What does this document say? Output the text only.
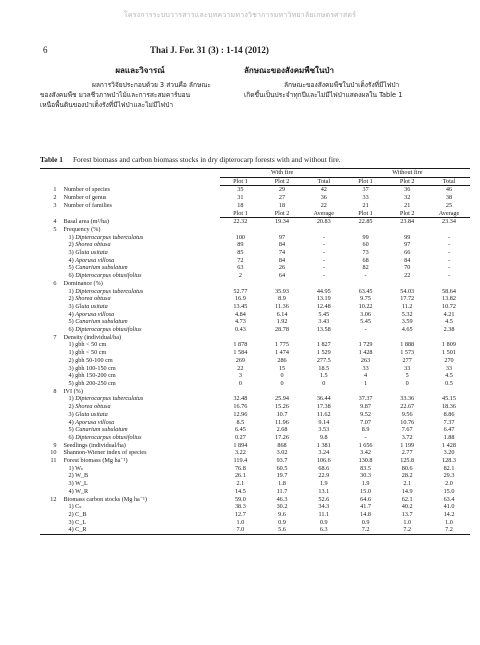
โครงการระบบวารสารและบทความทางวิชาการมหาวิทยาลัยเกษตรศาสตร์
6	Thai J. For. 31 (3) : 1-14 (2012)
ผลและวิจารณ์
ผลการวิจัยประกอบด้วย 3 ส่วนคือ ลักษณะ
ของสังคมพืช มวลชีวภาพป่าไม้และการสะสมคาร์บอน
เหนือพื้นดินของป่าเต็งรังที่มีไฟป่าและไม่มีไฟป่า
ลักษณะของสังคมพืชในป่า
ลักษณะของสังคมพืชในป่าเต็งรังที่มีไฟป่า
เกิดขึ้นเป็นประจำทุกปีและไม่มีไฟป่าแสดงผลใน Table 1
Table 1 Forest biomass and carbon biomass stocks in dry dipterocarp forests with and without fire.
		With fire			Without fire		
		Plot 1	Plot 2	Total	Plot 1	Plot 2	Total
1	Number of species	35	29	42	37	36	46
2	Number of genus	31	27	36	33	32	38
3	Number of families	18	18	22	21	21	25
		Plot 1	Plot 2	Average	Plot 1	Plot 2	Average
4	Basal area (m²/ha)	22.32	19.34	20.83	22.85	23.84	23.34
5	Frequency (%)						
	1) Dipterocarpus tuberculatus	100	97	-	99	99	-
	2) Shorea obtusa	89	84	-	60	97	-
	3) Gluta usitata	85	74	-	73	66	-
	4) Aporusa villosa	72	84	-	68	84	-
	5) Canarium subulatum	63	26	-	82	70	-
	6) Dipterocarpus obtusifolius	2	64	-	-	22	-
6	Dominance (%)						
	1) Dipterocarpus tuberculatus	52.77	35.93	44.95	63.45	54.03	58.64
	2) Shorea obtusa	16.9	8.9	13.19	9.75	17.72	13.82
	3) Gluta usitata	13.45	11.36	12.48	10.22	11.2	10.72
	4) Aporusa villosa	4.84	6.14	5.45	3.06	5.32	4.21
	5) Canarium subulatum	4.73	1.92	3.43	5.45	3.59	4.5
	6) Dipterocarpus obtusifolius	0.43	28.78	13.58	-	4.65	2.38
7	Density (individual/ha)						
	1) gbh < 50 cm	1 878	1 775	1 827	1 729	1 888	1 809
	1) gbh < 50 cm	1 584	1 474	1 529	1 428	1 573	1 501
	2) gbh 50-100 cm	269	286	277.5	263	277	270
	3) gbh 100-150 cm	22	15	18.5	33	33	33
	4) gbh 150-200 cm	3	0	1.5	4	5	4.5
	5) gbh 200-250 cm	0	0	0	1	0	0.5
8	IVI (%)						
	1) Dipterocarpus tuberculatus	32.48	25.94	36.44	37.37	33.36	45.15
	2) Shorea obtusa	16.76	15.26	17.38	9.87	22.67	18.36
	3) Gluta usitata	12.96	10.7	11.62	9.52	9.56	8.86
	4) Aporusa villosa	8.5	11.96	9.14	7.07	10.76	7.37
	5) Canarium subulatum	6.45	2.68	3.53	8.9	7.67	6.47
	6) Dipterocarpus obtusifolius	0.27	17.26	9.8	-	3.72	1.88
9	Seedlings (individual/ha)	1 894	868	1 381	1 656	1 199	1 428
10	Shannon-Wiener index of species	3.22	3.02	3.24	3.42	2.77	3.20
11	Forest biomass (Mg ha⁻¹)	119.4	93.7	106.6	130.8	125.8	128.3
	1) Wₛ	76.8	60.5	68.6	83.5	80.6	82.1
	2) W_B	26.1	19.7	22.9	30.3	28.2	29.3
	3) W_L	2.1	1.8	1.9	1.9	2.1	2.0
	4) W_R	14.5	11.7	13.1	15.0	14.9	15.0
12	Biomass carbon stocks (Mg ha⁻¹)	59.0	46.3	52.6	64.6	62.1	63.4
	1) Cₛ	38.3	30.2	34.3	41.7	40.2	41.0
	2) C_B	12.7	9.6	11.1	14.8	13.7	14.2
	3) C_L	1.0	0.9	0.9	0.9	1.0	1.0
	4) C_R	7.0	5.6	6.3	7.2	7.2	7.2
